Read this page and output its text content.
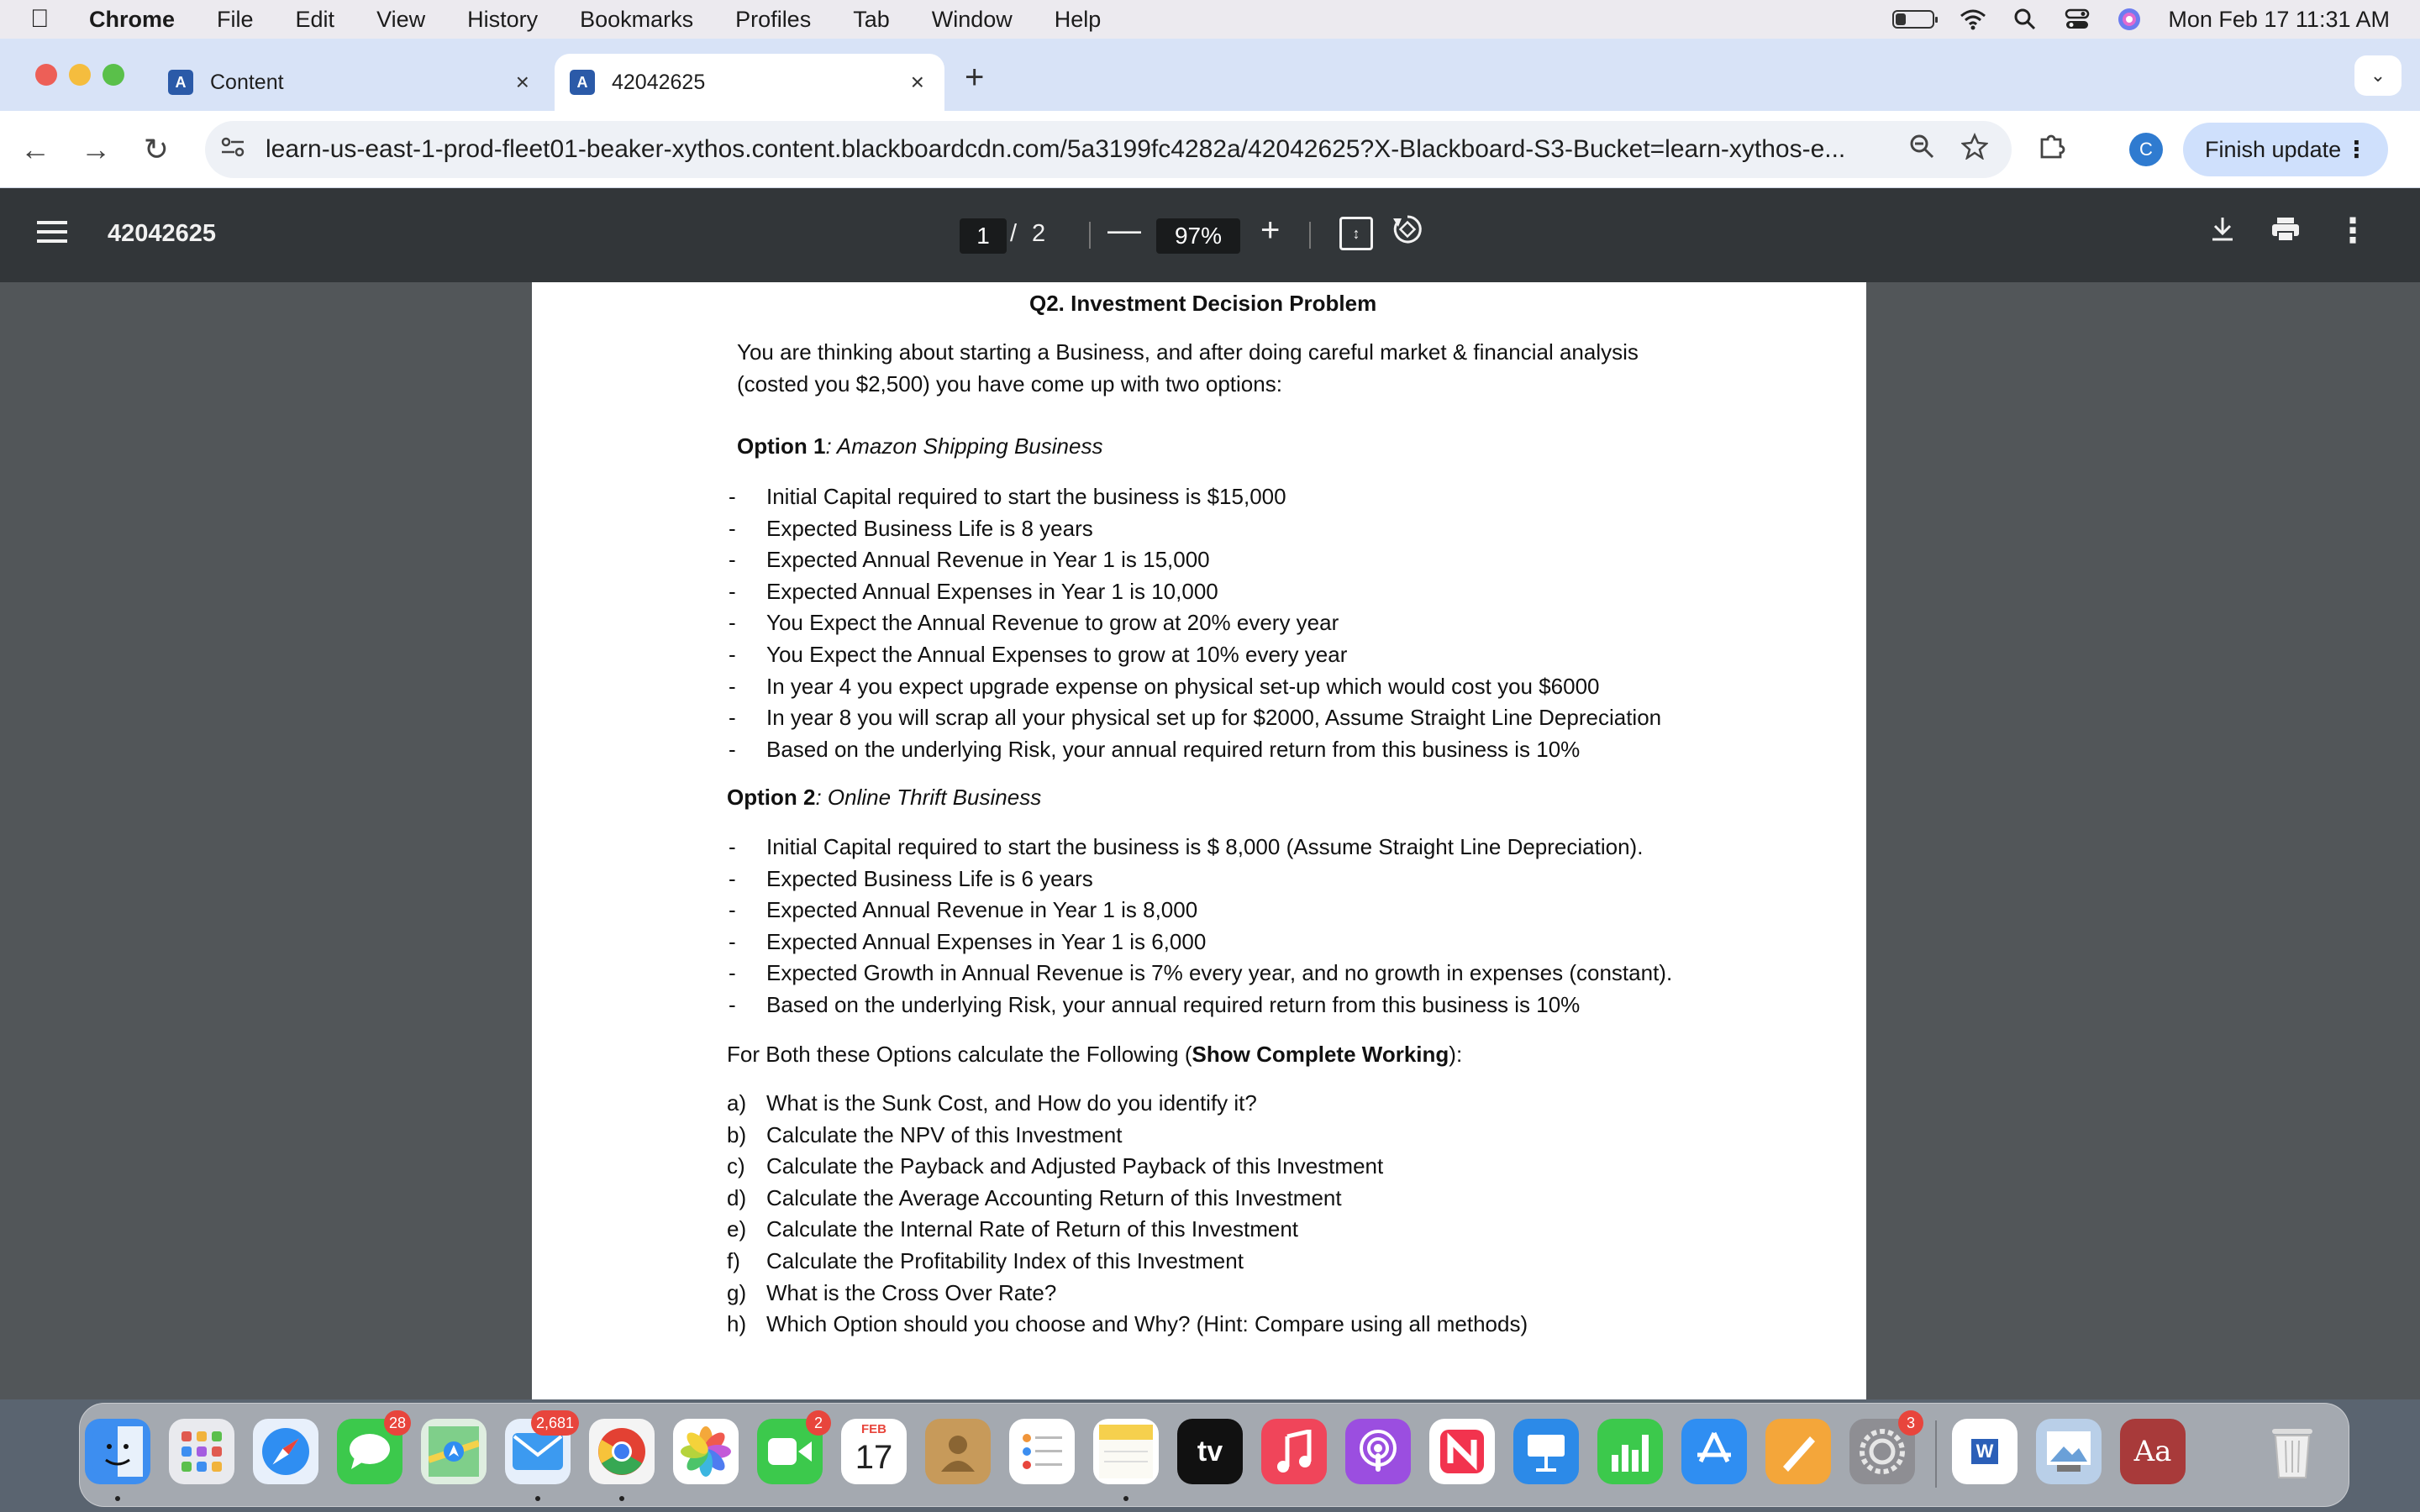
Chrome File Edit View History Bookmarks Profiles Tab Window Help	Mon Feb 17 11:31 AM
A	Content	×	A	42042625	× +	⌄
← →	↻	learn-us-east-1-prod-fleet01-beaker-xythos.content.blackboardcdn.com/5a3199fc4282a/42042625?X-Blackboard-S3-Bucket=learn-xythos-e...	C	Finish update ⋮
42042625	1 / 2 —	97%	+	↕	⋮
Q2. Investment Decision Problem
You are thinking about starting a Business, and after doing careful market & financial analysis
(costed you $2,500) you have come up with two options:
Option 1: Amazon Shipping Business
- Initial Capital required to start the business is $15,000
- Expected Business Life is 8 years
- Expected Annual Revenue in Year 1 is 15,000
- Expected Annual Expenses in Year 1 is 10,000
- You Expect the Annual Revenue to grow at 20% every year
- You Expect the Annual Expenses to grow at 10% every year
- In year 4 you expect upgrade expense on physical set-up which would cost you $6000
- In year 8 you will scrap all your physical set up for $2000, Assume Straight Line Depreciation
- Based on the underlying Risk, your annual required return from this business is 10%
Option 2: Online Thrift Business
- Initial Capital required to start the business is $ 8,000 (Assume Straight Line Depreciation).
- Expected Business Life is 6 years
- Expected Annual Revenue in Year 1 is 8,000
- Expected Annual Expenses in Year 1 is 6,000
- Expected Growth in Annual Revenue is 7% every year, and no growth in expenses (constant).
- Based on the underlying Risk, your annual required return from this business is 10%
For Both these Options calculate the Following (Show Complete Working):
a) What is the Sunk Cost, and How do you identify it?
b) Calculate the NPV of this Investment
c) Calculate the Payback and Adjusted Payback of this Investment
d) Calculate the Average Accounting Return of this Investment
e) Calculate the Internal Rate of Return of this Investment
f) Calculate the Profitability Index of this Investment
g) What is the Cross Over Rate?
h) Which Option should you choose and Why? (Hint: Compare using all methods)
28	2,681	2	FEB
17	tv
3
W	Aa
